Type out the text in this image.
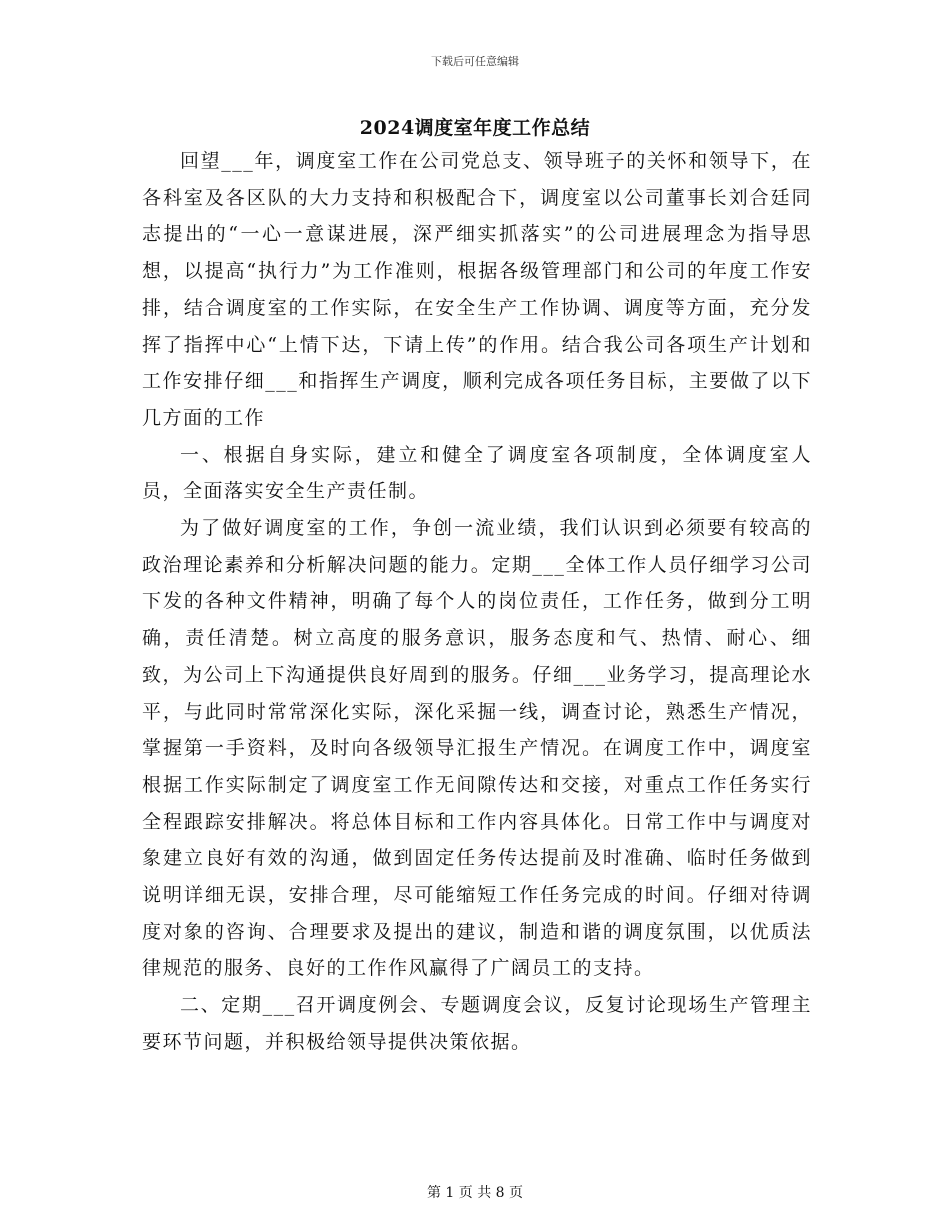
下载后可任意编辑
2024调度室年度工作总结

回望___年，调度室工作在公司党总支、领导班子的关怀和领导下，在各科室及各区队的大力支持和积极配合下，调度室以公司董事长刘合廷同志提出的“一心一意谋进展，深严细实抓落实”的公司进展理念为指导思想，以提高“执行力”为工作准则，根据各级管理部门和公司的年度工作安排，结合调度室的工作实际，在安全生产工作协调、调度等方面，充分发挥了指挥中心“上情下达，下请上传”的作用。结合我公司各项生产计划和工作安排仔细___和指挥生产调度，顺利完成各项任务目标，主要做了以下几方面的工作

一、根据自身实际，建立和健全了调度室各项制度，全体调度室人员，全面落实安全生产责任制。

为了做好调度室的工作，争创一流业绩，我们认识到必须要有较高的政治理论素养和分析解决问题的能力。定期___全体工作人员仔细学习公司下发的各种文件精神，明确了每个人的岗位责任，工作任务，做到分工明确，责任清楚。树立高度的服务意识，服务态度和气、热情、耐心、细致，为公司上下沟通提供良好周到的服务。仔细___业务学习，提高理论水平，与此同时常常深化实际，深化采掘一线，调查讨论，熟悉生产情况，掌握第一手资料，及时向各级领导汇报生产情况。在调度工作中，调度室根据工作实际制定了调度室工作无间隙传达和交接，对重点工作任务实行全程跟踪安排解决。将总体目标和工作内容具体化。日常工作中与调度对象建立良好有效的沟通，做到固定任务传达提前及时准确、临时任务做到说明详细无误，安排合理，尽可能缩短工作任务完成的时间。仔细对待调度对象的咨询、合理要求及提出的建议，制造和谐的调度氛围，以优质法律规范的服务、良好的工作作风赢得了广阔员工的支持。

二、定期___召开调度例会、专题调度会议，反复讨论现场生产管理主要环节问题，并积极给领导提供决策依据。

第 1 页 共 8 页
